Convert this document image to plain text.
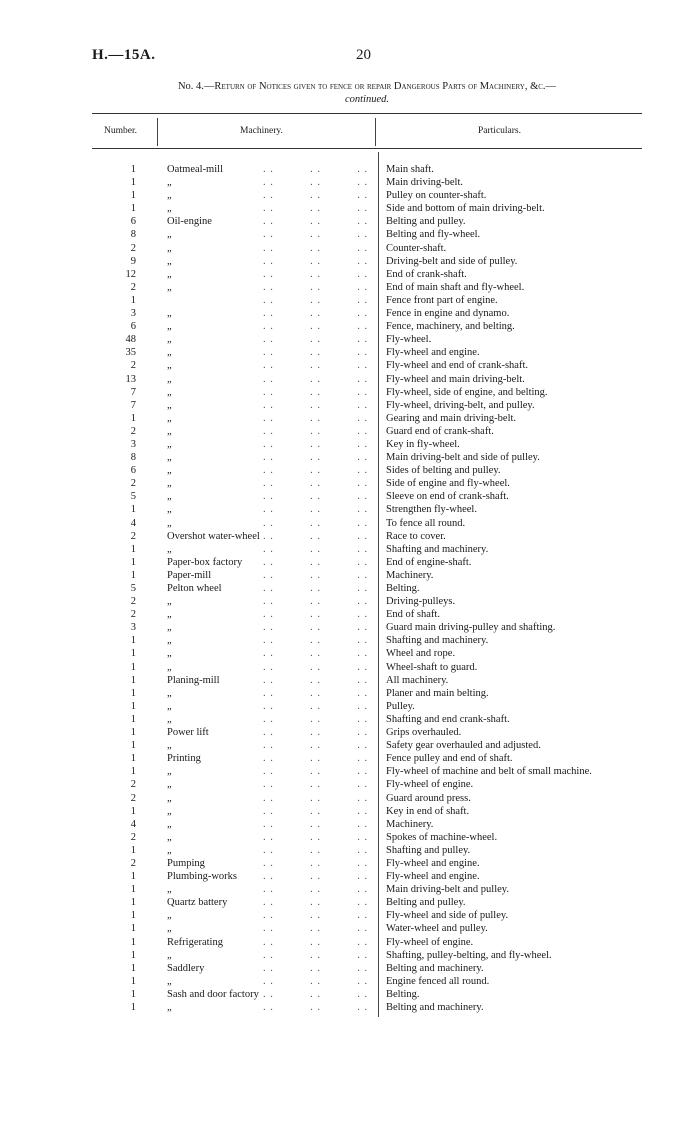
H.—15A.	20
No. 4.—Return of Notices given to fence or repair Dangerous Parts of Machinery, &c.—
continued.
Number.	Machinery.	Particulars.
1	Oatmeal-mill	. .          . .          . . Main shaft.
1	„	. .          . .          . . Main driving-belt.
1	„	. .          . .          . . Pulley on counter-shaft.
1	„	. .          . .          . . Side and bottom of main driving-belt.
6	Oil-engine	. .          . .          . . Belting and pulley.
8	„	. .          . .          . . Belting and fly-wheel.
2	„	. .          . .          . . Counter-shaft.
9	„	. .          . .          . . Driving-belt and side of pulley.
12	„	. .          . .          . . End of crank-shaft.
2	„	. .          . .          . . End of main shaft and fly-wheel.
1	. .          . .          . . Fence front part of engine.
3	„	. .          . .          . . Fence in engine and dynamo.
6	„	. .          . .          . . Fence, machinery, and belting.
48	„	. .          . .          . . Fly-wheel.
35	„	. .          . .          . . Fly-wheel and engine.
2	„	. .          . .          . . Fly-wheel and end of crank-shaft.
13	„	. .          . .          . . Fly-wheel and main driving-belt.
7	„	. .          . .          . . Fly-wheel, side of engine, and belting.
7	„	. .          . .          . . Fly-wheel, driving-belt, and pulley.
1	„	. .          . .          . . Gearing and main driving-belt.
2	„	. .          . .          . . Guard end of crank-shaft.
3	„	. .          . .          . . Key in fly-wheel.
8	„	. .          . .          . . Main driving-belt and side of pulley.
6	„	. .          . .          . . Sides of belting and pulley.
2	„	. .          . .          . . Side of engine and fly-wheel.
5	„	. .          . .          . . Sleeve on end of crank-shaft.
1	„	. .          . .          . . Strengthen fly-wheel.
4	„	. .          . .          . . To fence all round.
2	Overshot water-wheel . .          . .          . . Race to cover.
1	„	. .          . .          . . Shafting and machinery.
1	Paper-box factory . .          . .          . . End of engine-shaft.
1	Paper-mill	. .          . .          . . Machinery.
5	Pelton wheel	. .          . .          . . Belting.
2	„	. .          . .          . . Driving-pulleys.
2	„	. .          . .          . . End of shaft.
3	„	. .          . .          . . Guard main driving-pulley and shafting.
1	„	. .          . .          . . Shafting and machinery.
1	„	. .          . .          . . Wheel and rope.
1	„	. .          . .          . . Wheel-shaft to guard.
1	Planing-mill	. .          . .          . . All machinery.
1	„	. .          . .          . . Planer and main belting.
1	„	. .          . .          . . Pulley.
1	„	. .          . .          . . Shafting and end crank-shaft.
1	Power lift	. .          . .          . . Grips overhauled.
1	„	. .          . .          . . Safety gear overhauled and adjusted.
1	Printing	. .          . .          . . Fence pulley and end of shaft.
1	„	. .          . .          . . Fly-wheel of machine and belt of small machine.
2	„	. .          . .          . . Fly-wheel of engine.
2	„	. .          . .          . . Guard around press.
1	„	. .          . .          . . Key in end of shaft.
4	„	. .          . .          . . Machinery.
2	„	. .          . .          . . Spokes of machine-wheel.
1	„	. .          . .          . . Shafting and pulley.
2	Pumping	. .          . .          . . Fly-wheel and engine.
1	Plumbing-works . .          . .          . . Fly-wheel and engine.
1	„	. .          . .          . . Main driving-belt and pulley.
1	Quartz battery	. .          . .          . . Belting and pulley.
1	„	. .          . .          . . Fly-wheel and side of pulley.
1	„	. .          . .          . . Water-wheel and pulley.
1	Refrigerating	. .          . .          . . Fly-wheel of engine.
1	„	. .          . .          . . Shafting, pulley-belting, and fly-wheel.
1	Saddlery	. .          . .          . . Belting and machinery.
1	„	. .          . .          . . Engine fenced all round.
1	Sash and door factory . .          . .          . . Belting.
1	„	. .          . .          . . Belting and machinery.
